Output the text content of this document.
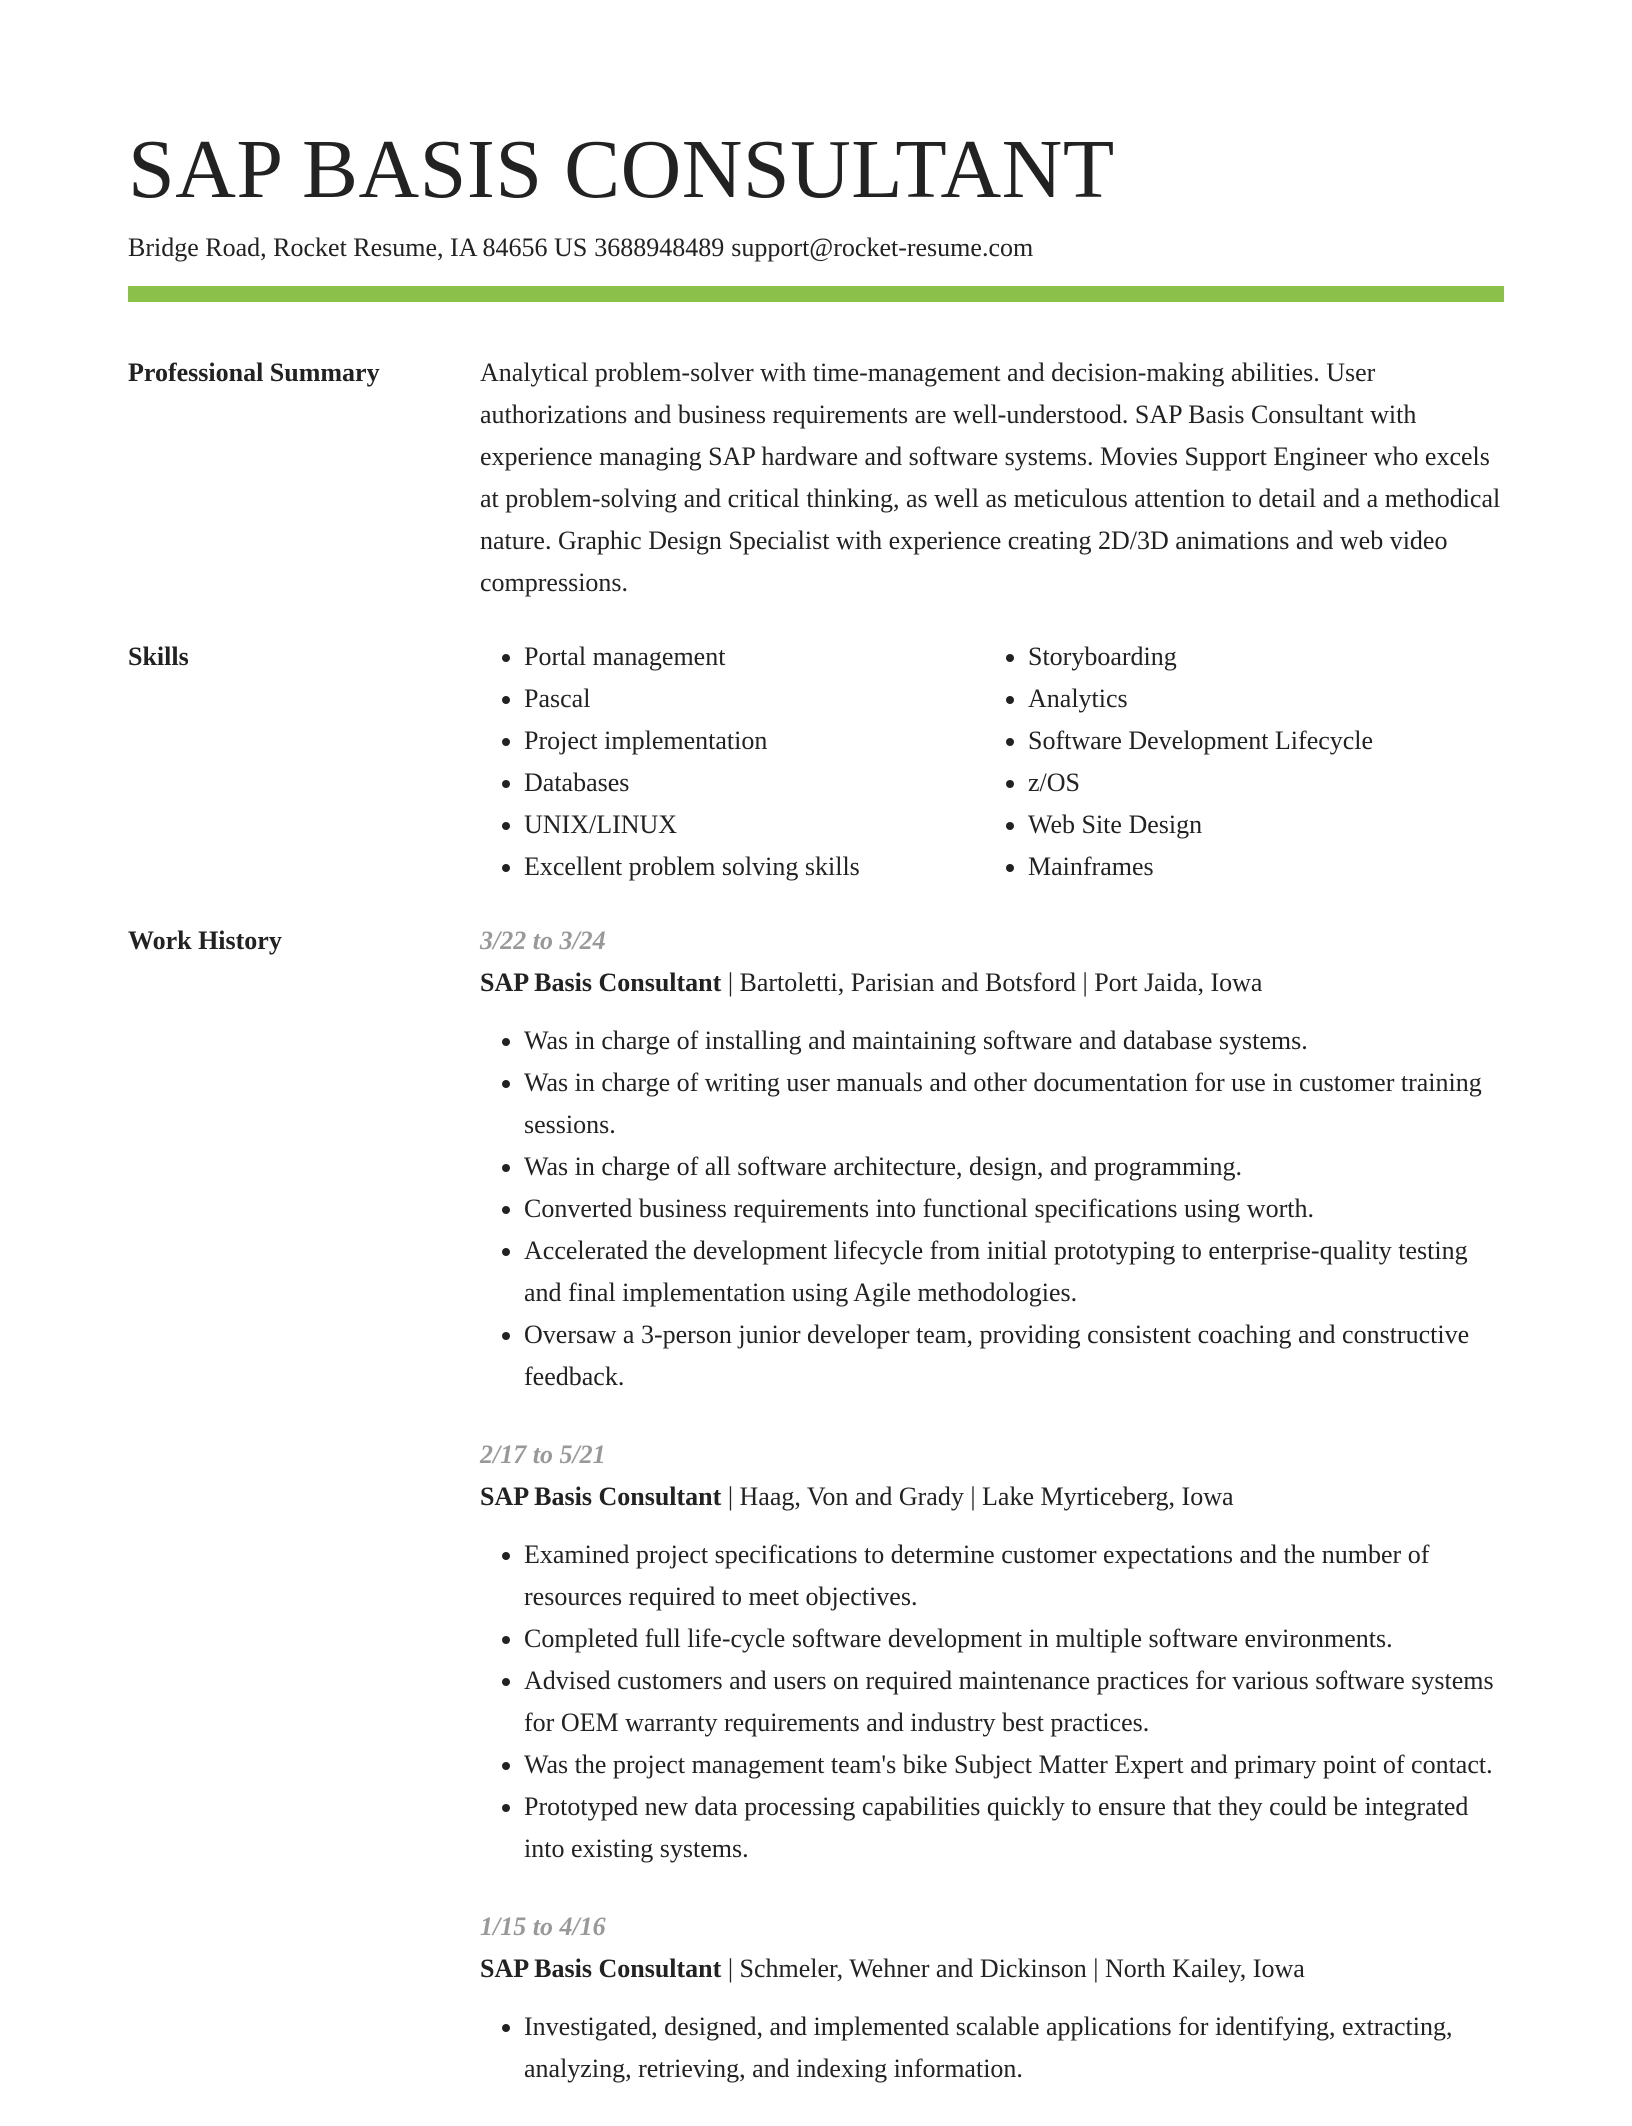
SAP BASIS CONSULTANT
Bridge Road, Rocket Resume, IA 84656 US 3688948489 support@rocket-resume.com
Professional Summary	Analytical problem-solver with time-management and decision-making abilities. User authorizations and business requirements are well-understood. SAP Basis Consultant with experience managing SAP hardware and software systems. Movies Support Engineer who excels at problem-solving and critical thinking, as well as meticulous attention to detail and a methodical nature. Graphic Design Specialist with experience creating 2D/3D animations and web video compressions.

Skills
•	Portal management
• Pascal
• Project implementation
• Databases
• UNIX/LINUX
• Excellent problem solving skills
• Storyboarding
• Analytics
• Software Development Lifecycle
• z/OS
• Web Site Design
• Mainframes
Work History	3/22 to 3/24
SAP Basis Consultant | Bartoletti, Parisian and Botsford | Port Jaida, Iowa
• Was in charge of installing and maintaining software and database systems.
• Was in charge of writing user manuals and other documentation for use in customer training sessions.
• Was in charge of all software architecture, design, and programming.
• Converted business requirements into functional specifications using worth.
• Accelerated the development lifecycle from initial prototyping to enterprise-quality testing and final implementation using Agile methodologies.
• Oversaw a 3-person junior developer team, providing consistent coaching and constructive feedback.
2/17 to 5/21
SAP Basis Consultant | Haag, Von and Grady | Lake Myrticeberg, Iowa
• Examined project specifications to determine customer expectations and the number of resources required to meet objectives.
• Completed full life-cycle software development in multiple software environments.
• Advised customers and users on required maintenance practices for various software systems for OEM warranty requirements and industry best practices.
• Was the project management team's bike Subject Matter Expert and primary point of contact.
• Prototyped new data processing capabilities quickly to ensure that they could be integrated into existing systems.
1/15 to 4/16
SAP Basis Consultant | Schmeler, Wehner and Dickinson | North Kailey, Iowa
• Investigated, designed, and implemented scalable applications for identifying, extracting, analyzing, retrieving, and indexing information.
